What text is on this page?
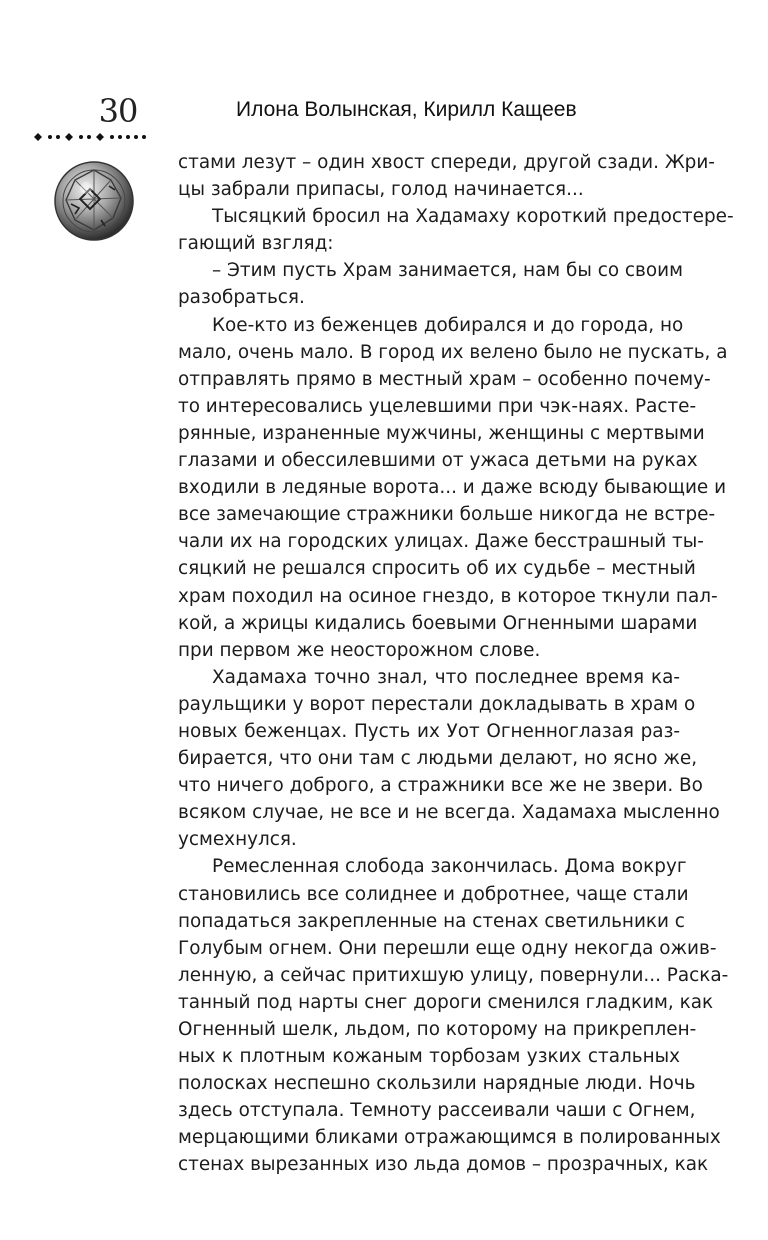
30	Илона Волынская, Кирилл Кащеев
стами лезут – один хвост спереди, другой сзади. Жри-
цы забрали припасы, голод начинается...
Тысяцкий бросил на Хадамаху короткий предостере-
гающий взгляд:
– Этим пусть Храм занимается, нам бы со своим
разобраться.
Кое-кто из беженцев добирался и до города, но
мало, очень мало. В город их велено было не пускать, а
отправлять прямо в местный храм – особенно почему-
то интересовались уцелевшими при чэк-наях. Расте-
рянные, израненные мужчины, женщины с мертвыми
глазами и обессилевшими от ужаса детьми на руках
входили в ледяные ворота... и даже всюду бывающие и
все замечающие стражники больше никогда не встре-
чали их на городских улицах. Даже бесстрашный ты-
сяцкий не решался спросить об их судьбе – местный
храм походил на осиное гнездо, в которое ткнули пал-
кой, а жрицы кидались боевыми Огненными шарами
при первом же неосторожном слове.
Хадамаха точно знал, что последнее время ка-
раульщики у ворот перестали докладывать в храм о
новых беженцах. Пусть их Уот Огненноглазая раз-
бирается, что они там с людьми делают, но ясно же,
что ничего доброго, а стражники все же не звери. Во
всяком случае, не все и не всегда. Хадамаха мысленно
усмехнулся.
Ремесленная слобода закончилась. Дома вокруг
становились все солиднее и добротнее, чаще стали
попадаться закрепленные на стенах светильники с
Голубым огнем. Они перешли еще одну некогда ожив-
ленную, а сейчас притихшую улицу, повернули... Раска-
танный под нарты снег дороги сменился гладким, как
Огненный шелк, льдом, по которому на прикреплен-
ных к плотным кожаным торбозам узких стальных
полосках неспешно скользили нарядные люди. Ночь
здесь отступала. Темноту рассеивали чаши с Огнем,
мерцающими бликами отражающимся в полированных
стенах вырезанных изо льда домов – прозрачных, как
